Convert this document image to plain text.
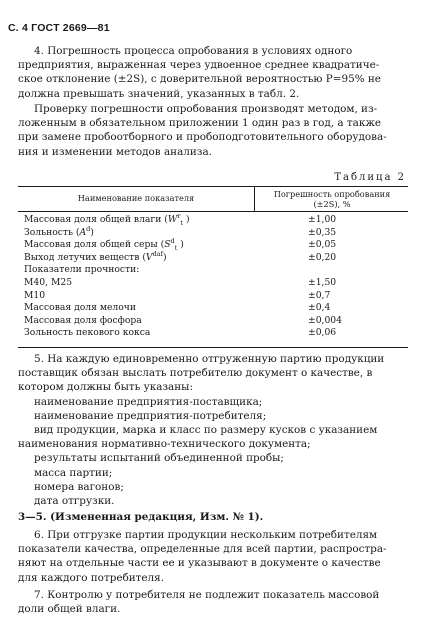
С. 4 ГОСТ 2669—81
4. Погрешность процесса опробования в условиях одного
предприятия, выраженная через удвоенное среднее квадратиче-
ское отклонение (±2S), с доверительной вероятностью P=95% не
должна превышать значений, указанных в табл. 2.
Проверку погрешности опробования производят методом, из-
ложенным в обязательном приложении 1 один раз в год, а также
при замене пробоотборного и пробоподготовительного оборудова-
ния и изменении методов анализа.
Таблица 2
Наименование показателя	Погрешность опробования
(±2S), %
Массовая доля общей влаги ($W^r_t$ )	±1,00
Зольность $(A^d)$	±0,35
Массовая доля общей серы ($S^d_t$ )	±0,05
Выход летучих веществ $(V^{daf})$	±0,20
Показатели прочности:
М40, М25	±1,50
М10	±0,7
Массовая доля мелочи	±0,4
Массовая доля фосфора	±0,004
Зольность пекового кокса	±0,06
5. На каждую единовременно отгруженную партию продукции
поставщик обязан выслать потребителю документ о качестве, в
котором должны быть указаны:
наименование предприятия-поставщика;
наименование предприятия-потребителя;
вид продукции, марка и класс по размеру кусков с указанием
наименования нормативно-технического документа;
результаты испытаний объединенной пробы;
масса партии;
номера вагонов;
дата отгрузки.
3—5. (Измененная редакция, Изм. № 1).
6. При отгрузке партии продукции нескольким потребителям
показатели качества, определенные для всей партии, распростра-
няют на отдельные части ее и указывают в документе о качестве
для каждого потребителя.
7. Контролю у потребителя не подлежит показатель массовой
доли общей влаги.
